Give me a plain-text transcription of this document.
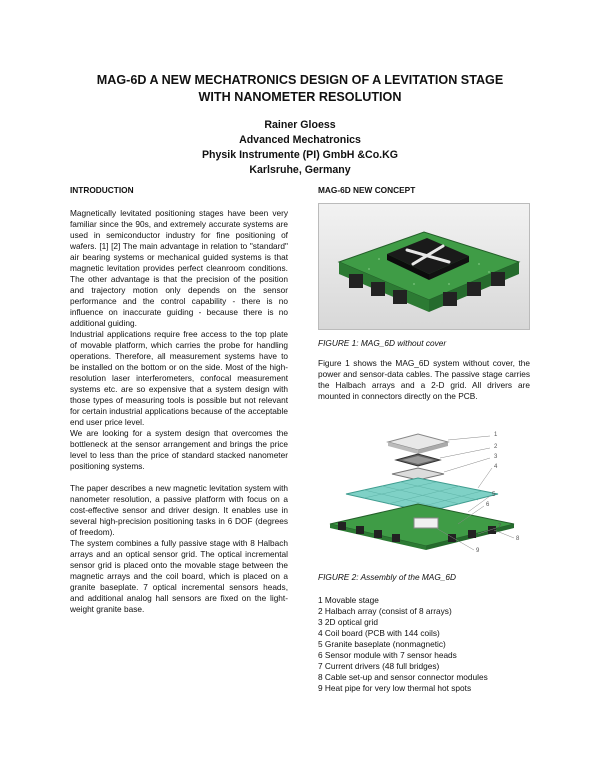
MAG-6D A NEW MECHATRONICS DESIGN OF A LEVITATION STAGE
WITH NANOMETER RESOLUTION
Rainer Gloess
Advanced Mechatronics
Physik Instrumente (PI) GmbH &Co.KG
Karlsruhe, Germany
INTRODUCTION

Magnetically levitated positioning stages have been very familiar since the 90s, and extremely accurate systems are used in semiconductor industry for fine positioning of wafers. [1] [2] The main advantage in relation to "standard" air bearing systems or mechanical guided systems is that magnetic levitation provides perfect cleanroom conditions. The other advantage is that the precision of the position and trajectory motion only depends on the sensor performance and the control capability - there is no influence on inaccurate guiding - because there is no additional guiding.

Industrial applications require free access to the top plate of movable platform, which carries the probe for handling operations. Therefore, all measurement systems have to be installed on the bottom or on the side. Most of the high-resolution laser interferometers, confocal measurement systems etc. are so expensive that a system design with those types of measuring tools is possible but not relevant for certain industrial applications because of the acceptable end user price level.

We are looking for a system design that overcomes the bottleneck at the sensor arrangement and brings the price level to less than the price of standard stacked nanometer positioning systems.

The paper describes a new magnetic levitation system with nanometer resolution, a passive platform with focus on a cost-effective sensor and driver design. It enables use in several high-precision positioning tasks in 6 DOF (degrees of freedom).

The system combines a fully passive stage with 8 Halbach arrays and an optical sensor grid. The optical incremental sensor grid is placed onto the movable stage between the magnetic arrays and the coil board, which is placed on a granite baseplate. 7 optical incremental sensors heads, and additional analog hall sensors are fixed on the light-weight granite base.

MAG-6D NEW CONCEPT
FIGURE 1: MAG_6D without cover
Figure 1 shows the MAG_6D system without cover, the power and sensor-data cables. The passive stage carries the Halbach arrays and a 2-D grid. All drivers are mounted in connectors directly on the PCB.
1
2
3
4
5
6
7
8
9
FIGURE 2: Assembly of the MAG_6D
1 Movable stage
2 Halbach array (consist of 8 arrays)
3 2D optical grid
4 Coil board (PCB with 144 coils)
5 Granite baseplate (nonmagnetic)
6 Sensor module with 7 sensor heads
7 Current drivers (48 full bridges)
8 Cable set-up and sensor connector modules
9 Heat pipe for very low thermal hot spots
